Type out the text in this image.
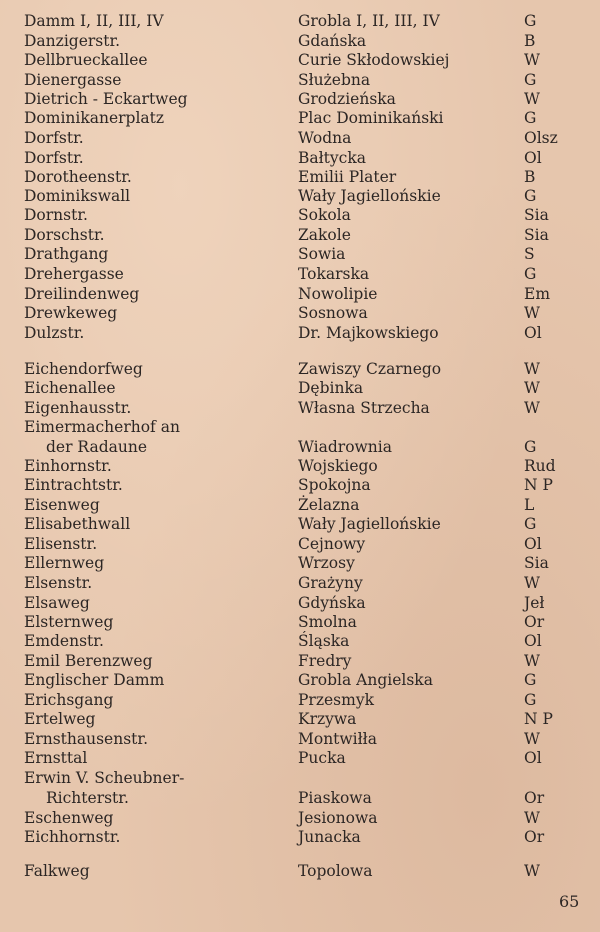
Damm I, II, III, IV	Grobla I, II, III, IV	G
Danzigerstr.	Gdańska	B
Dellbrueckallee	Curie Skłodowskiej	W
Dienergasse	Służebna	G
Dietrich - Eckartweg	Grodzieńska	W
Dominikanerplatz	Plac Dominikański	G
Dorfstr.	Wodna	Olsz
Dorfstr.	Bałtycka	Ol
Dorotheenstr.	Emilii Plater	B
Dominikswall	Wały Jagiellońskie	G
Dornstr.	Sokola	Sia
Dorschstr.	Zakole	Sia
Drathgang	Sowia	S
Drehergasse	Tokarska	G
Dreilindenweg	Nowolipie	Em
Drewkeweg	Sosnowa	W
Dulzstr.	Dr. Majkowskiego	Ol
Eichendorfweg	Zawiszy Czarnego	W
Eichenallee	Dębinka	W
Eigenhausstr.	Własna Strzecha	W
Eimermacherhof an
der Radaune	Wiadrownia	G
Einhornstr.	Wojskiego	Rud
Eintrachtstr.	Spokojna	N P
Eisenweg	Żelazna	L
Elisabethwall	Wały Jagiellońskie	G
Elisenstr.	Cejnowy	Ol
Ellernweg	Wrzosy	Sia
Elsenstr.	Grażyny	W
Elsaweg	Gdyńska	Jeł
Elsternweg	Smolna	Or
Emdenstr.	Śląska	Ol
Emil Berenzweg	Fredry	W
Englischer Damm	Grobla Angielska	G
Erichsgang	Przesmyk	G
Ertelweg	Krzywa	N P
Ernsthausenstr.	Montwiłła	W
Ernsttal	Pucka	Ol
Erwin V. Scheubner-
Richterstr.	Piaskowa	Or
Eschenweg	Jesionowa	W
Eichhornstr.	Junacka	Or
Falkweg	Topolowa	W
65
